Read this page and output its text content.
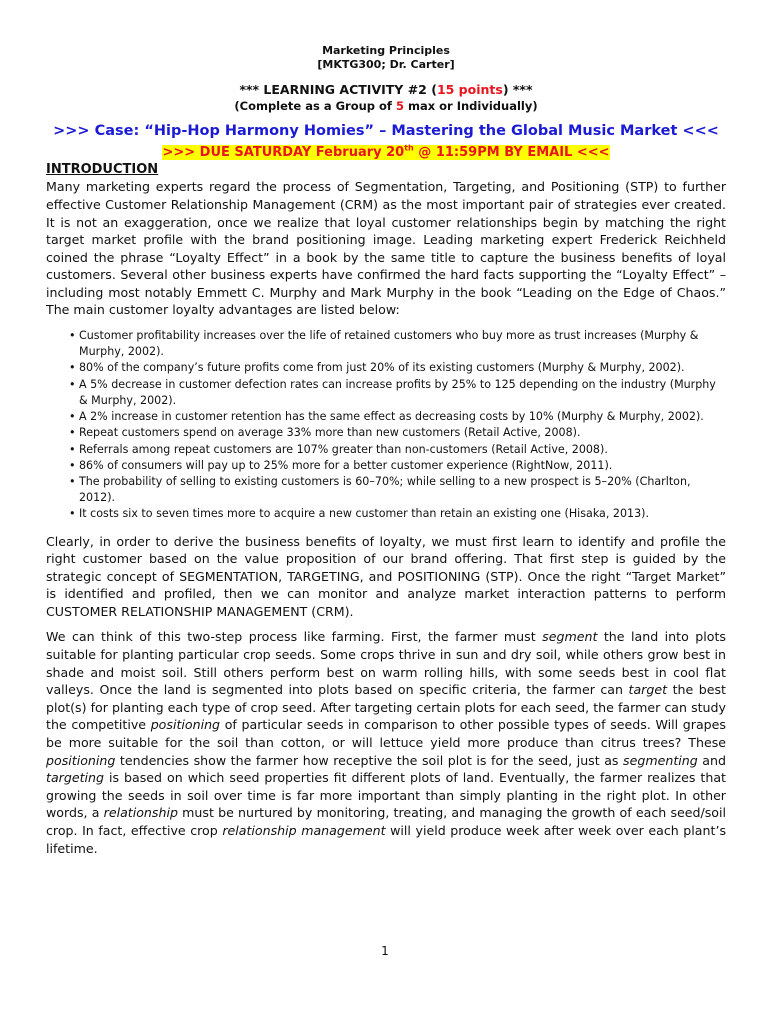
Marketing Principles
[MKTG300; Dr. Carter]
*** LEARNING ACTIVITY #2 (15 points) ***
(Complete as a Group of 5 max or Individually)
>>> Case: “Hip-Hop Harmony Homies” – Mastering the Global Music Market <<<
>>> DUE SATURDAY February 20th @ 11:59PM BY EMAIL <<<
INTRODUCTION

Many marketing experts regard the process of Segmentation, Targeting, and Positioning (STP) to further effective Customer Relationship Management (CRM) as the most important pair of strategies ever created. It is not an exaggeration, once we realize that loyal customer relationships begin by matching the right target market profile with the brand positioning image. Leading marketing expert Frederick Reichheld coined the phrase “Loyalty Effect” in a book by the same title to capture the business benefits of loyal customers. Several other business experts have confirmed the hard facts supporting the “Loyalty Effect” – including most notably Emmett C. Murphy and Mark Murphy in the book “Leading on the Edge of Chaos.” The main customer loyalty advantages are listed below:

• Customer profitability increases over the life of retained customers who buy more as trust increases (Murphy & Murphy, 2002).
• 80% of the company’s future profits come from just 20% of its existing customers (Murphy & Murphy, 2002).
• A 5% decrease in customer defection rates can increase profits by 25% to 125 depending on the industry (Murphy & Murphy, 2002).
• A 2% increase in customer retention has the same effect as decreasing costs by 10% (Murphy & Murphy, 2002).
• Repeat customers spend on average 33% more than new customers (Retail Active, 2008).
• Referrals among repeat customers are 107% greater than non-customers (Retail Active, 2008).
• 86% of consumers will pay up to 25% more for a better customer experience (RightNow, 2011).
• The probability of selling to existing customers is 60–70%; while selling to a new prospect is 5–20% (Charlton, 2012).
• It costs six to seven times more to acquire a new customer than retain an existing one (Hisaka, 2013).

Clearly, in order to derive the business benefits of loyalty, we must first learn to identify and profile the right customer based on the value proposition of our brand offering. That first step is guided by the strategic concept of SEGMENTATION, TARGETING, and POSITIONING (STP). Once the right “Target Market” is identified and profiled, then we can monitor and analyze market interaction patterns to perform CUSTOMER RELATIONSHIP MANAGEMENT (CRM).

We can think of this two-step process like farming. First, the farmer must segment the land into plots suitable for planting particular crop seeds. Some crops thrive in sun and dry soil, while others grow best in shade and moist soil. Still others perform best on warm rolling hills, with some seeds best in cool flat valleys. Once the land is segmented into plots based on specific criteria, the farmer can target the best plot(s) for planting each type of crop seed. After targeting certain plots for each seed, the farmer can study the competitive positioning of particular seeds in comparison to other possible types of seeds. Will grapes be more suitable for the soil than cotton, or will lettuce yield more produce than citrus trees? These positioning tendencies show the farmer how receptive the soil plot is for the seed, just as segmenting and targeting is based on which seed properties fit different plots of land. Eventually, the farmer realizes that growing the seeds in soil over time is far more important than simply planting in the right plot. In other words, a relationship must be nurtured by monitoring, treating, and managing the growth of each seed/soil crop. In fact, effective crop relationship management will yield produce week after week over each plant’s lifetime.

1
